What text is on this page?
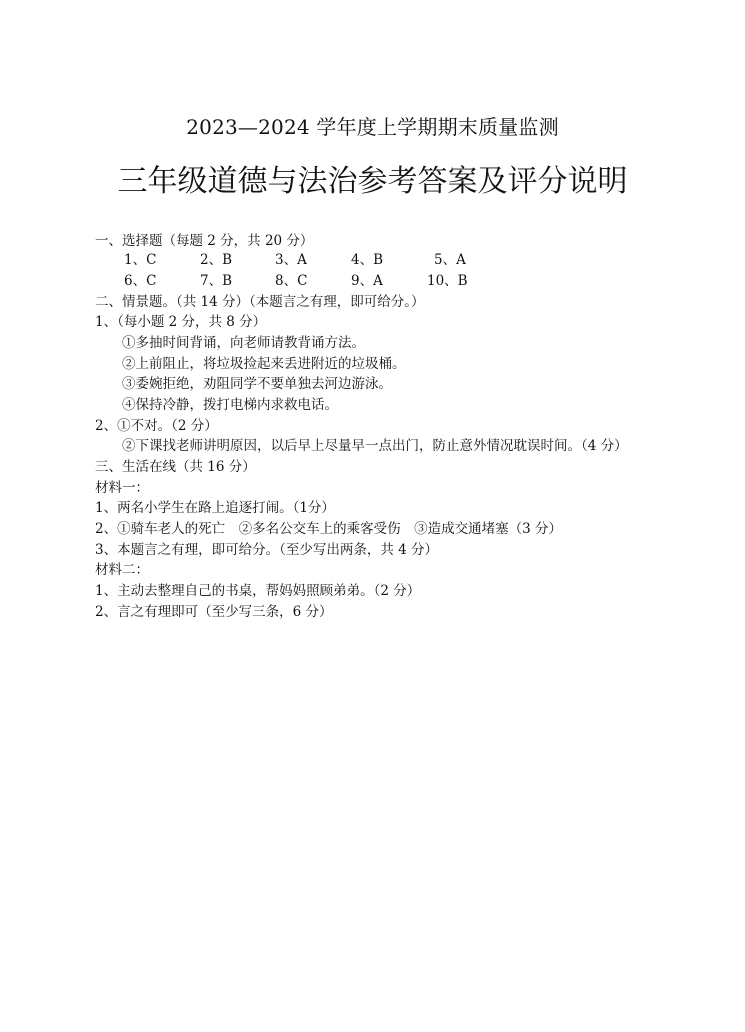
2023—2024 学年度上学期期末质量监测
三年级道德与法治参考答案及评分说明
一、选择题（每题 2 分，共 20 分）
1、C	2、B	3、A	4、B	5、A
6、C	7、B	8、C	9、A	10、B
二、情景题。（共 14 分）（本题言之有理，即可给分。）
1、（每小题 2 分，共 8 分）
①多抽时间背诵，向老师请教背诵方法。
②上前阻止，将垃圾捡起来丢进附近的垃圾桶。
③委婉拒绝，劝阻同学不要单独去河边游泳。
④保持冷静，拨打电梯内求救电话。
2、①不对。（2 分）
②下课找老师讲明原因，以后早上尽量早一点出门，防止意外情况耽误时间。（4 分）
三、生活在线（共 16 分）
材料一：
1、两名小学生在路上追逐打闹。（1分）
2、①骑车老人的死亡　②多名公交车上的乘客受伤　③造成交通堵塞（3 分）
3、本题言之有理，即可给分。（至少写出两条，共 4 分）
材料二：
1、主动去整理自己的书桌，帮妈妈照顾弟弟。（2 分）
2、言之有理即可（至少写三条，6 分）
